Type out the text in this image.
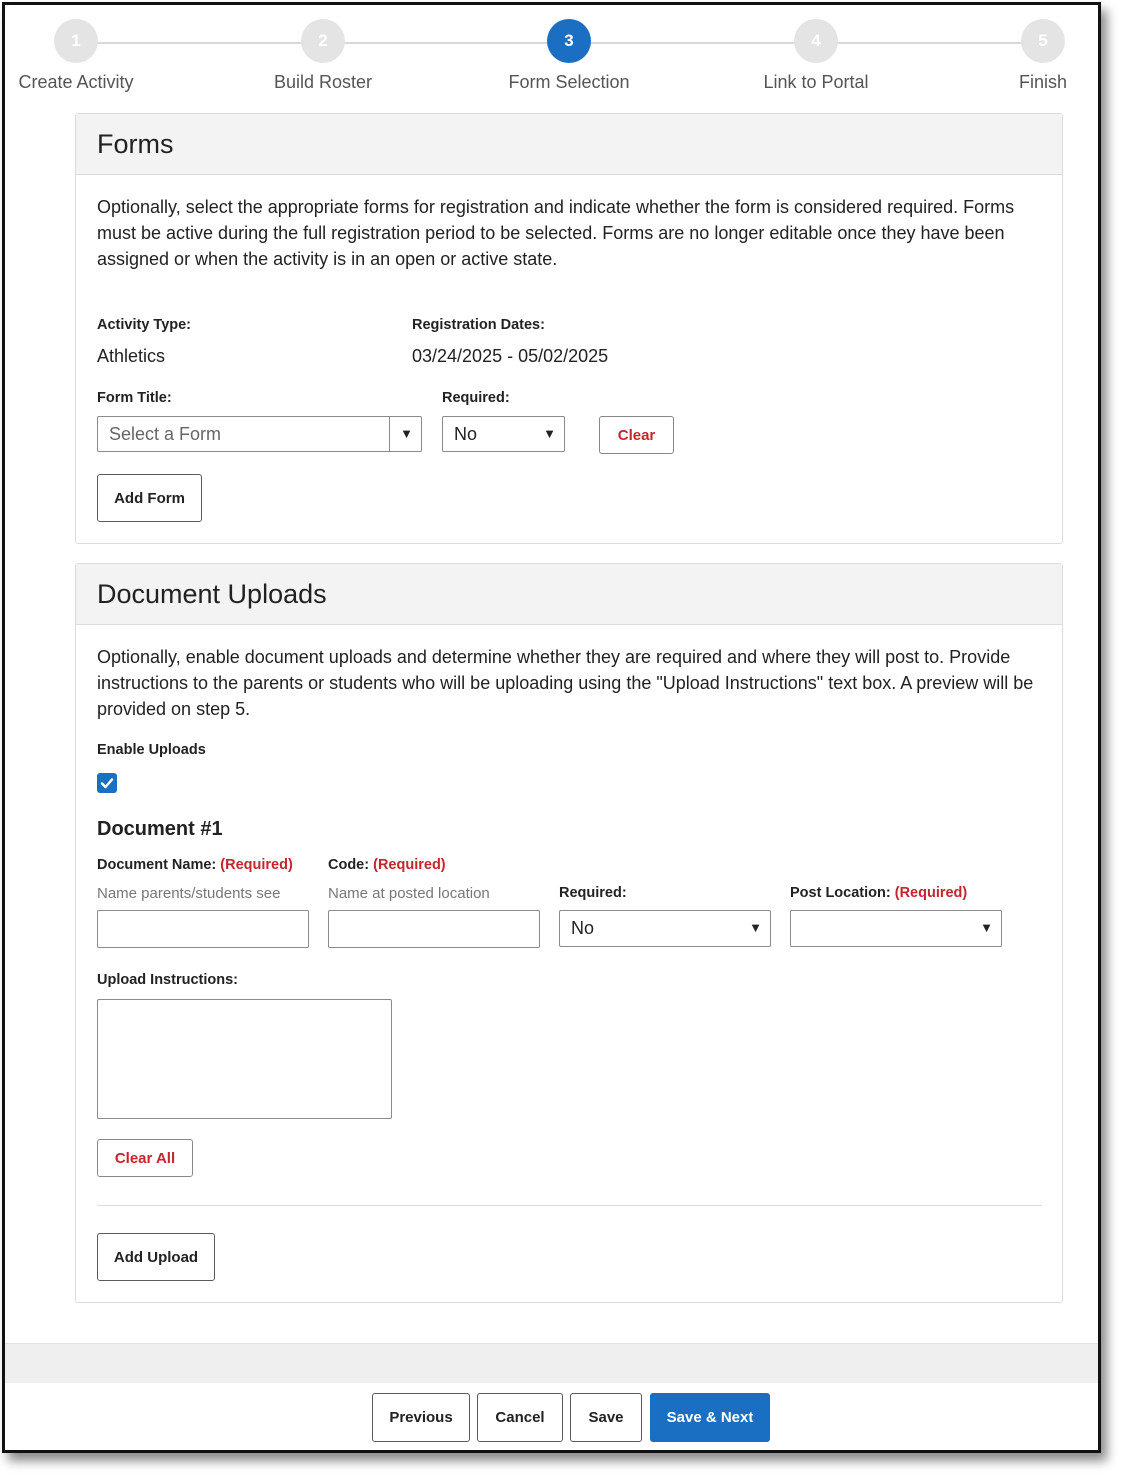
1
Create Activity
2
Build Roster
3
Form Selection
4
Link to Portal
5
Finish
Forms
Optionally, select the appropriate forms for registration and indicate whether the form is considered required. Forms must be active during the full registration period to be selected. Forms are no longer editable once they have been assigned or when the activity is in an open or active state.
Activity Type:
Athletics
Registration Dates:
03/24/2025 - 05/02/2025
Form Title:
Select a Form	▼
Required:
No	▼	Clear
Add Form
Document Uploads
Optionally, enable document uploads and determine whether they are required and where they will post to. Provide instructions to the parents or students who will be uploading using the "Upload Instructions" text box. A preview will be provided on step 5.
Enable Uploads
Document #1
Document Name: (Required)
Name parents/students see
Code: (Required)
Name at posted location	Required:
No	▼
Post Location: (Required)
▼
Upload Instructions:
Clear All
Add Upload
Previous	Cancel	Save	Save & Next
